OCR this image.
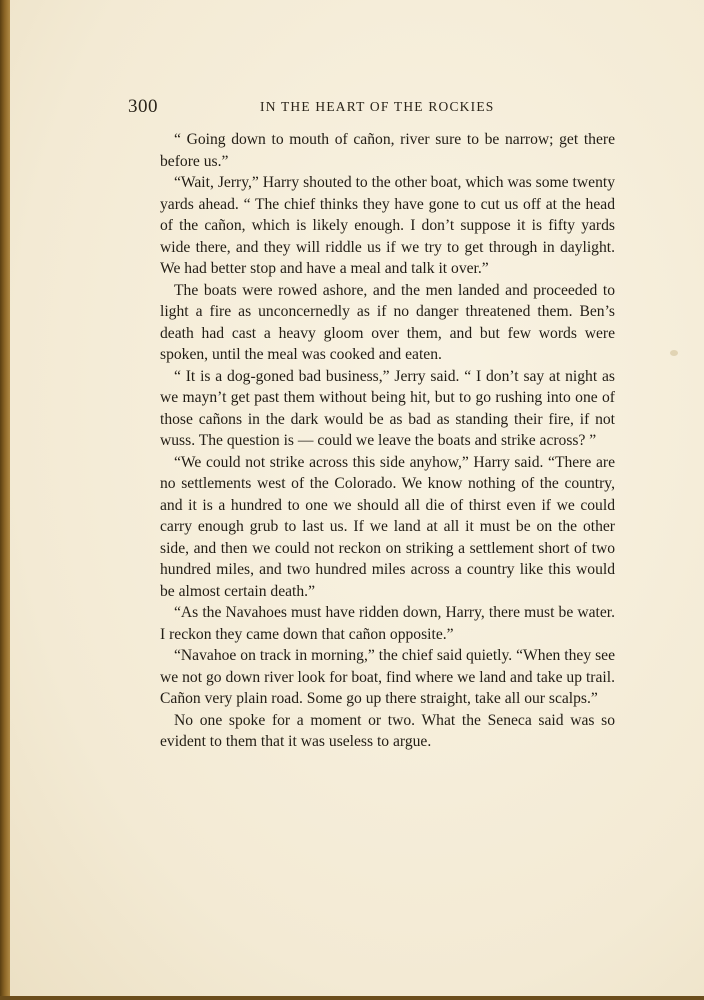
300	IN THE HEART OF THE ROCKIES

“ Going down to mouth of cañon, river sure to be narrow; get there before us.”

“Wait, Jerry,” Harry shouted to the other boat, which was some twenty yards ahead. “ The chief thinks they have gone to cut us off at the head of the cañon, which is likely enough. I don’t suppose it is fifty yards wide there, and they will riddle us if we try to get through in daylight. We had better stop and have a meal and talk it over.”

The boats were rowed ashore, and the men landed and proceeded to light a fire as unconcernedly as if no danger threatened them. Ben’s death had cast a heavy gloom over them, and but few words were spoken, until the meal was cooked and eaten.

“ It is a dog-goned bad business,” Jerry said. “ I don’t say at night as we mayn’t get past them without being hit, but to go rushing into one of those cañons in the dark would be as bad as standing their fire, if not wuss. The question is — could we leave the boats and strike across? ”

“We could not strike across this side anyhow,” Harry said. “There are no settlements west of the Colorado. We know nothing of the country, and it is a hundred to one we should all die of thirst even if we could carry enough grub to last us. If we land at all it must be on the other side, and then we could not reckon on striking a settlement short of two hundred miles, and two hundred miles across a country like this would be almost certain death.”

“As the Navahoes must have ridden down, Harry, there must be water. I reckon they came down that cañon opposite.”

“Navahoe on track in morning,” the chief said quietly. “When they see we not go down river look for boat, find where we land and take up trail. Cañon very plain road. Some go up there straight, take all our scalps.”

No one spoke for a moment or two. What the Seneca said was so evident to them that it was useless to argue.
